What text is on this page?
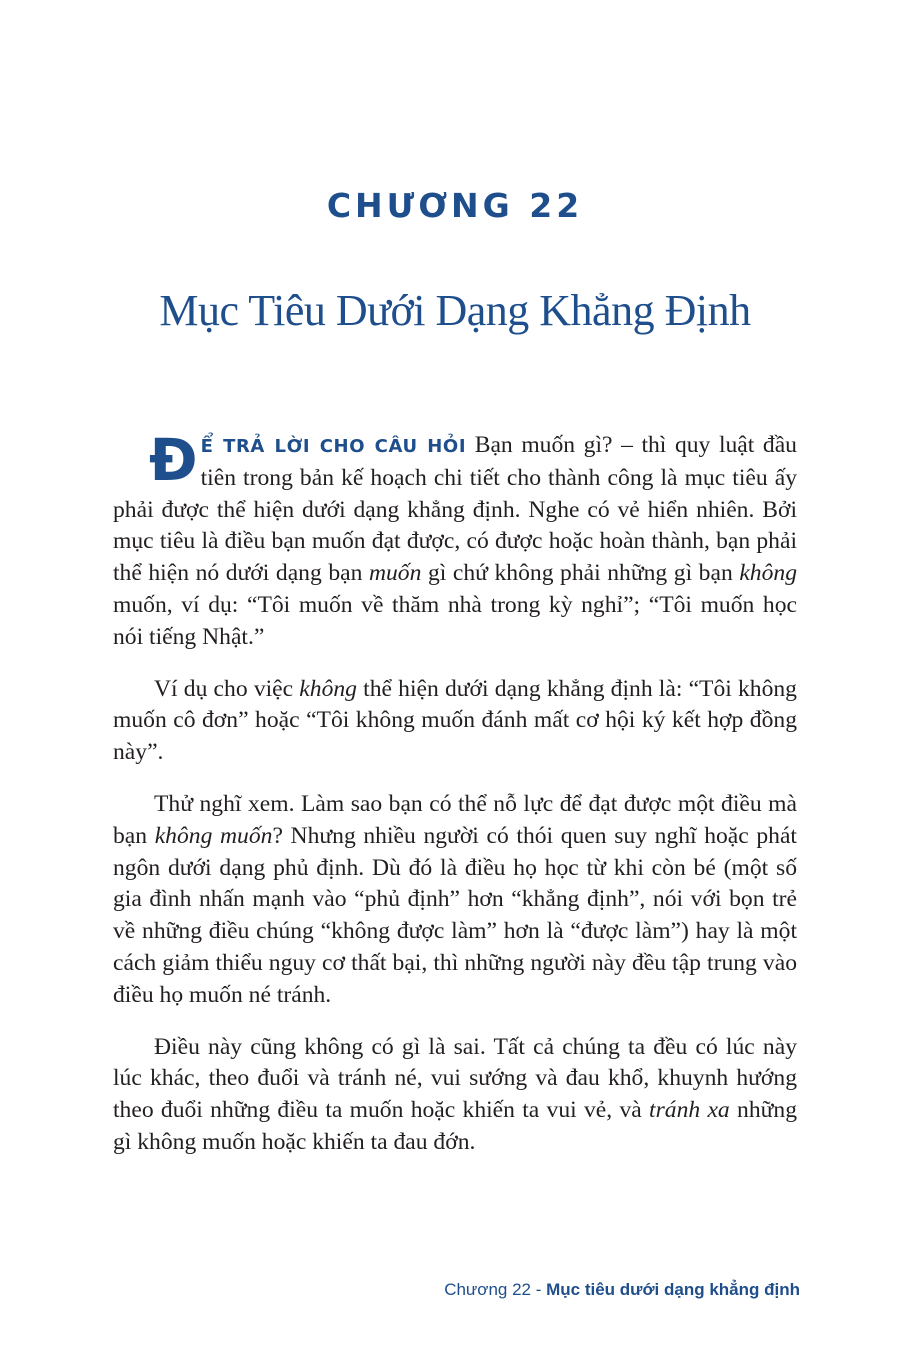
CHƯƠNG 22
Mục Tiêu Dưới Dạng Khẳng Định

Đ Ể TRẢ LỜI CHO CÂU HỎI Bạn muốn gì? – thì quy luật đầu tiên trong bản kế hoạch chi tiết cho thành công là mục tiêu ấy phải được thể hiện dưới dạng khẳng định. Nghe có vẻ hiển nhiên. Bởi mục tiêu là điều bạn muốn đạt được, có được hoặc hoàn thành, bạn phải thể hiện nó dưới dạng bạn muốn gì chứ không phải những gì bạn không muốn, ví dụ: “Tôi muốn về thăm nhà trong kỳ nghỉ”; “Tôi muốn học nói tiếng Nhật.”

Ví dụ cho việc không thể hiện dưới dạng khẳng định là: “Tôi không muốn cô đơn” hoặc “Tôi không muốn đánh mất cơ hội ký kết hợp đồng này”.

Thử nghĩ xem. Làm sao bạn có thể nỗ lực để đạt được một điều mà bạn không muốn? Nhưng nhiều người có thói quen suy nghĩ hoặc phát ngôn dưới dạng phủ định. Dù đó là điều họ học từ khi còn bé (một số gia đình nhấn mạnh vào “phủ định” hơn “khẳng định”, nói với bọn trẻ về những điều chúng “không được làm” hơn là “được làm”) hay là một cách giảm thiểu nguy cơ thất bại, thì những người này đều tập trung vào điều họ muốn né tránh.

Điều này cũng không có gì là sai. Tất cả chúng ta đều có lúc này lúc khác, theo đuổi và tránh né, vui sướng và đau khổ, khuynh hướng theo đuổi những điều ta muốn hoặc khiến ta vui vẻ, và tránh xa những gì không muốn hoặc khiến ta đau đớn.

Chương 22 - Mục tiêu dưới dạng khẳng định
